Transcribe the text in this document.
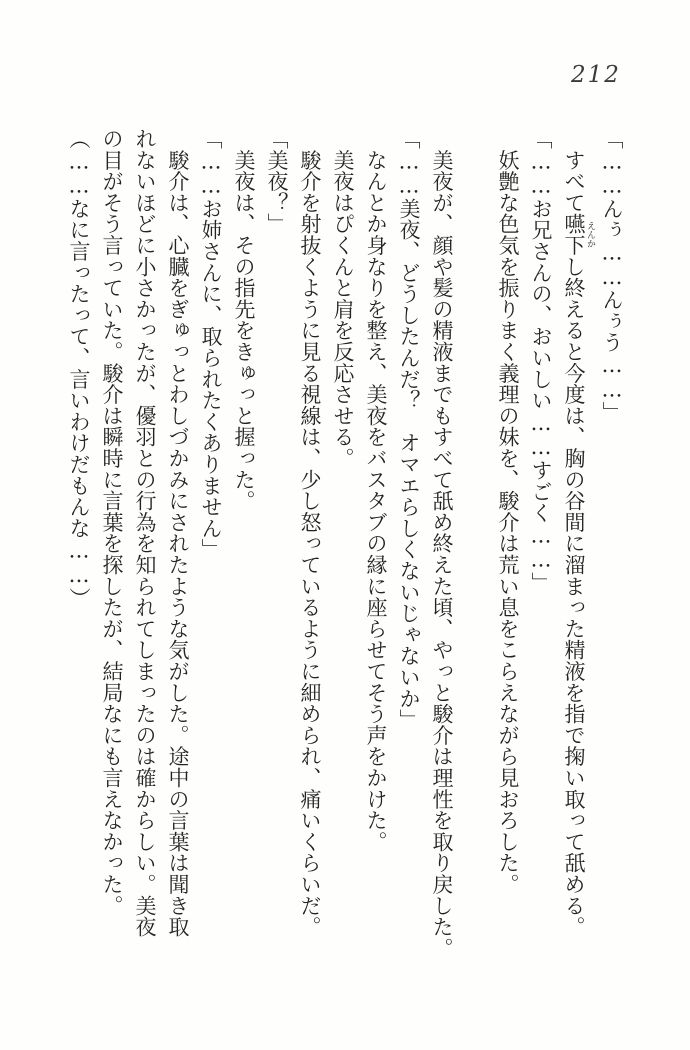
212
「……んぅ……んぅう……」
　すべて嚥下 えんかし終えると今度は、胸の谷間に溜まった精液を指で掬い取って舐める。
「……お兄さんの、おいしい……すごく……」
　妖艶な色気を振りまく義理の妹を、駿介は荒い息をこらえながら見おろした。

　美夜が、顔や髪の精液までもすべて舐め終えた頃、やっと駿介は理性を取り戻した。
「……美夜、どうしたんだ？　オマエらしくないじゃないか」
　なんとか身なりを整え、美夜をバスタブの縁に座らせてそう声をかけた。
　美夜はぴくんと肩を反応させる。
　駿介を射抜くように見る視線は、少し怒っているように細められ、痛いくらいだ。
「美夜？」
　美夜は、その指先をきゅっと握った。
「……お姉さんに、取られたくありません」
　駿介は、心臓をぎゅっとわしづかみにされたような気がした。途中の言葉は聞き取
れないほどに小さかったが、優羽との行為を知られてしまったのは確からしい。美夜
の目がそう言っていた。駿介は瞬時に言葉を探したが、結局なにも言えなかった。
（……なに言ったって、言いわけだもんな……）
